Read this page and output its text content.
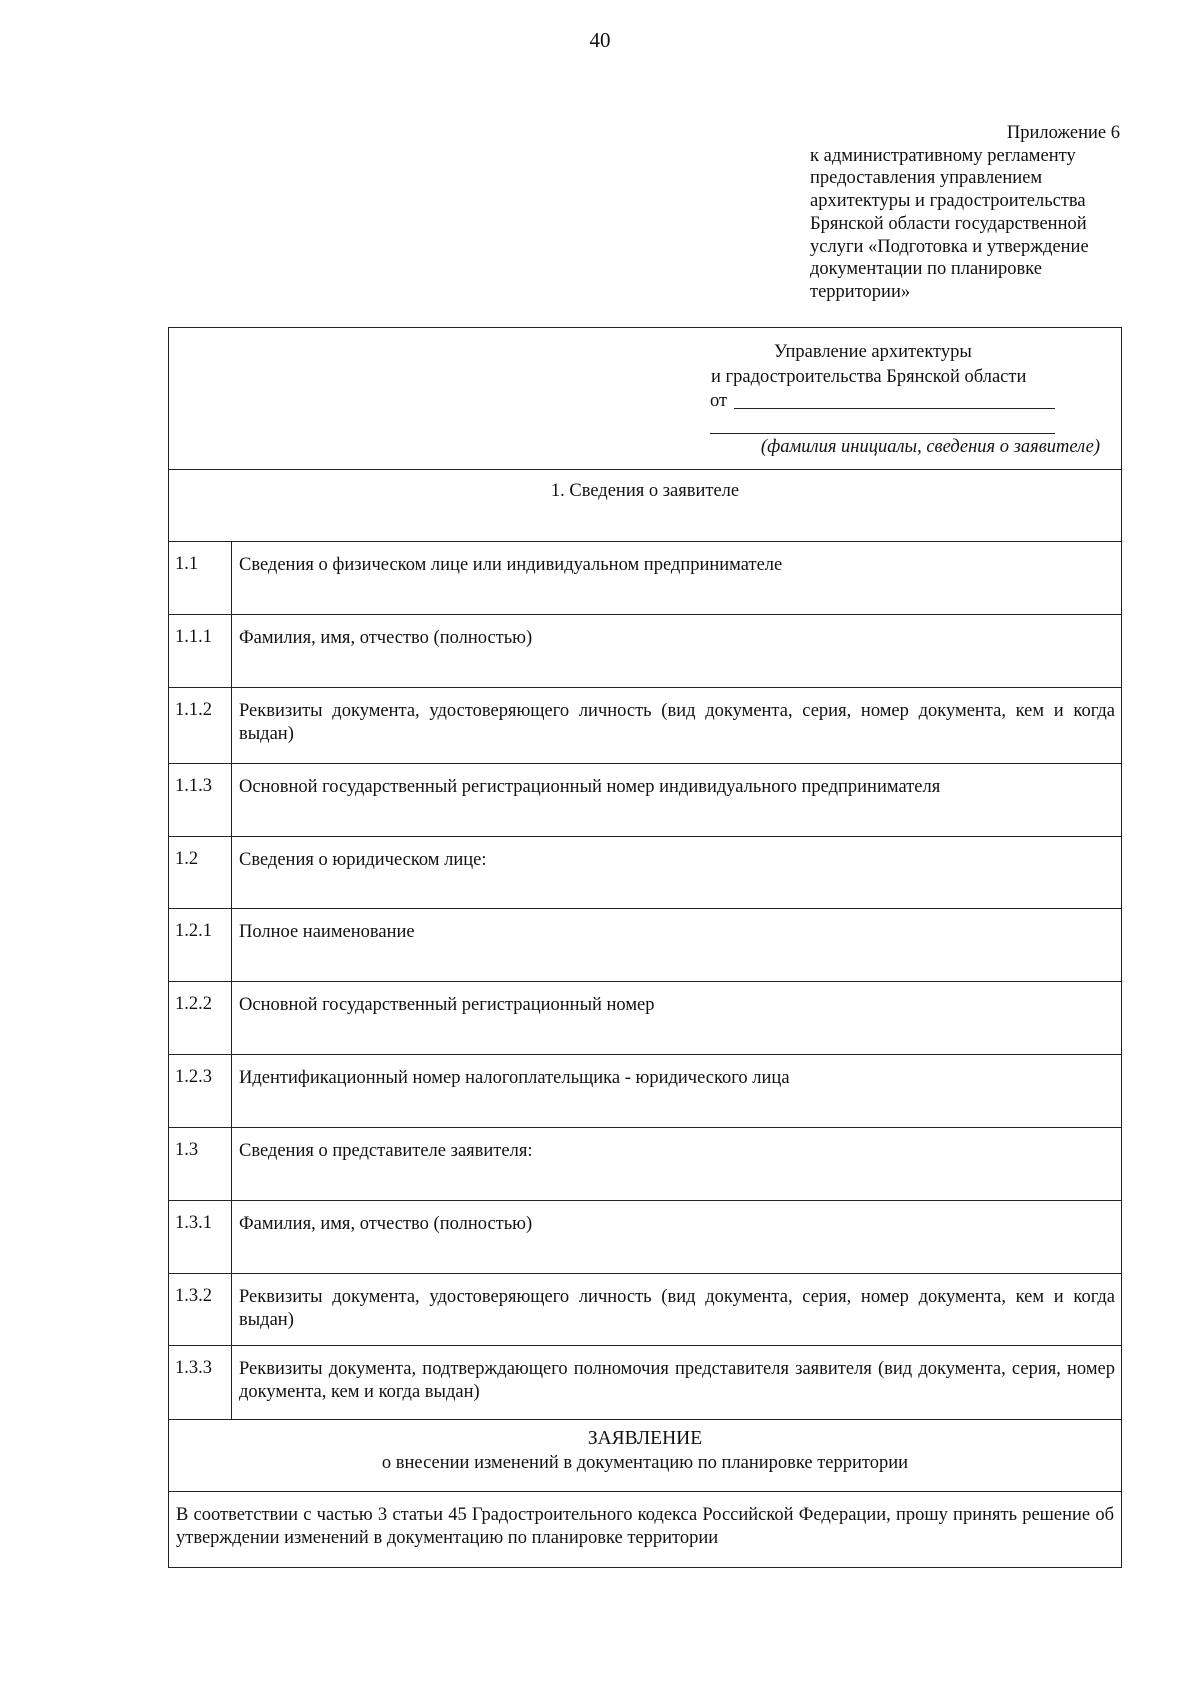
40
Приложение 6
к административному регламенту
предоставления управлением
архитектуры и градостроительства
Брянской области государственной
услуги «Подготовка и утверждение
документации по планировке
территории»
Управление архитектуры
и градостроительства Брянской области
от
(фамилия инициалы, сведения о заявителе)
1. Сведения о заявителе
1.1	Сведения о физическом лице или индивидуальном предпринимателе
1.1.1	Фамилия, имя, отчество (полностью)
1.1.2	Реквизиты документа, удостоверяющего личность (вид документа, серия, номер документа, кем и когда выдан)
1.1.3	Основной государственный регистрационный номер индивидуального предпринимателя
1.2	Сведения о юридическом лице:
1.2.1	Полное наименование
1.2.2	Основной государственный регистрационный номер
1.2.3	Идентификационный номер налогоплательщика - юридического лица
1.3	Сведения о представителе заявителя:
1.3.1	Фамилия, имя, отчество (полностью)
1.3.2	Реквизиты документа, удостоверяющего личность (вид документа, серия, номер документа, кем и когда выдан)
1.3.3	Реквизиты документа, подтверждающего полномочия представителя заявителя (вид документа, серия, номер документа, кем и когда выдан)
ЗАЯВЛЕНИЕ
о внесении изменений в документацию по планировке территории
В соответствии с частью 3 статьи 45 Градостроительного кодекса Российской Федерации, прошу принять решение об утверждении изменений в документацию по планировке территории
